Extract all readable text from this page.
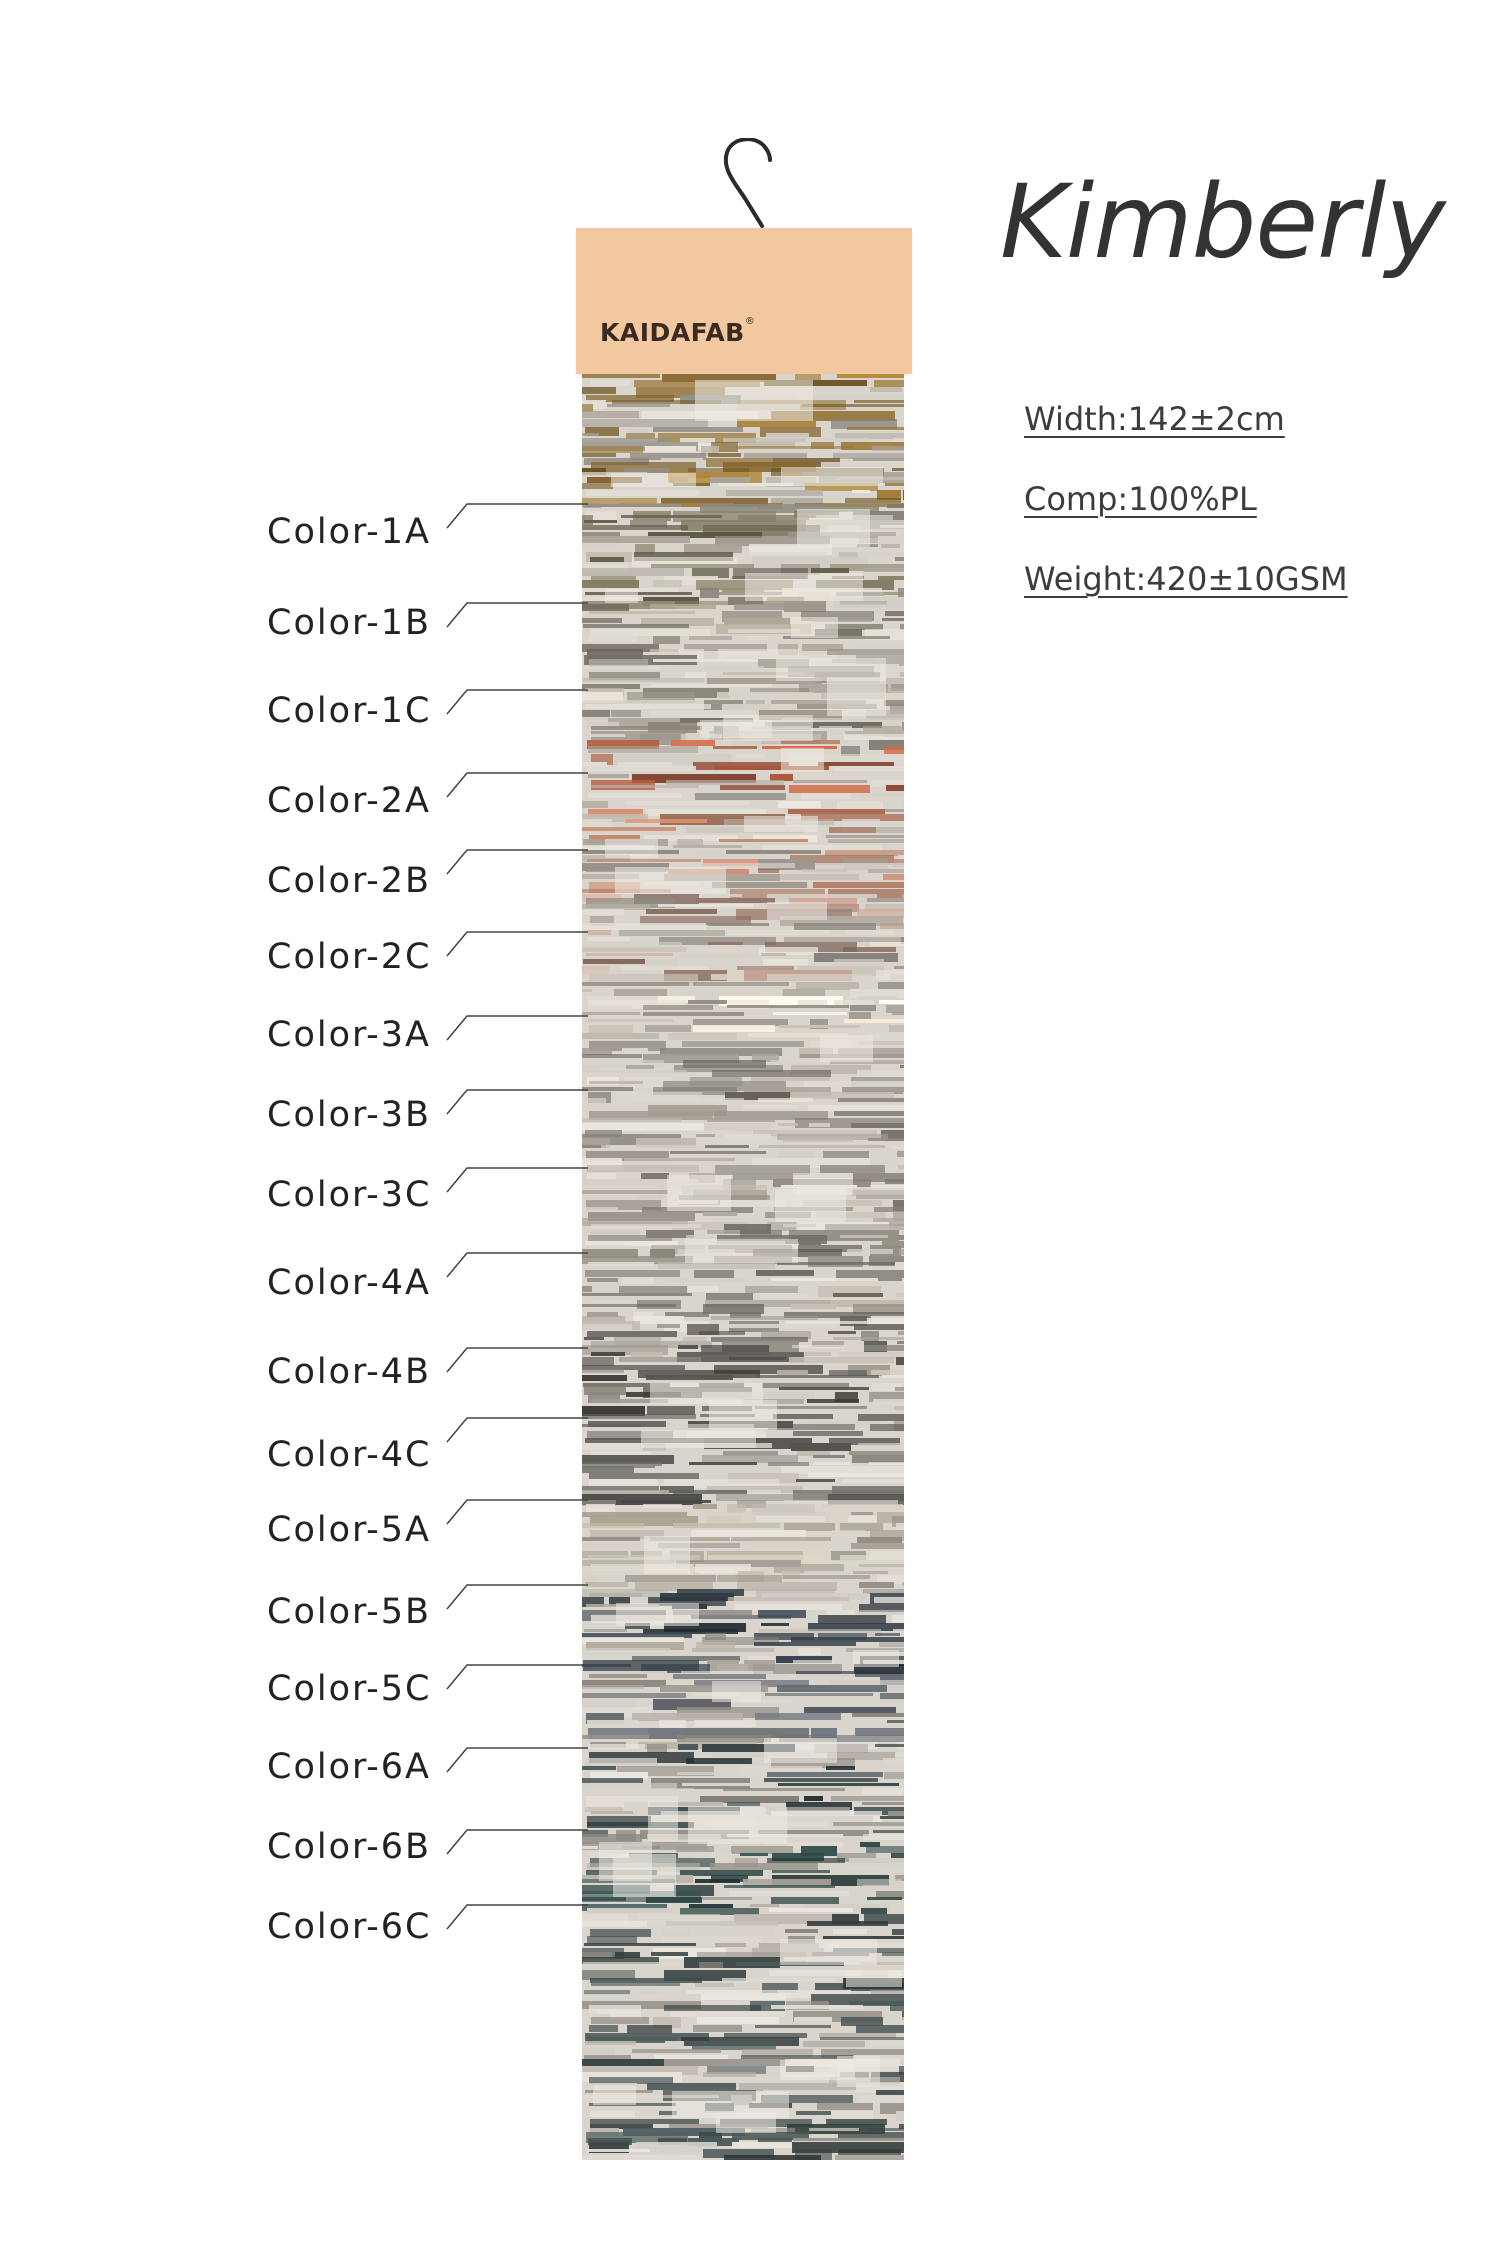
KAIDAFAB®
Kimberly
Width:142±2cm
Comp:100%PL
Weight:420±10GSM
Color-1A
Color-1B
Color-1C
Color-2A
Color-2B
Color-2C
Color-3A
Color-3B
Color-3C
Color-4A
Color-4B
Color-4C
Color-5A
Color-5B
Color-5C
Color-6A
Color-6B
Color-6C
